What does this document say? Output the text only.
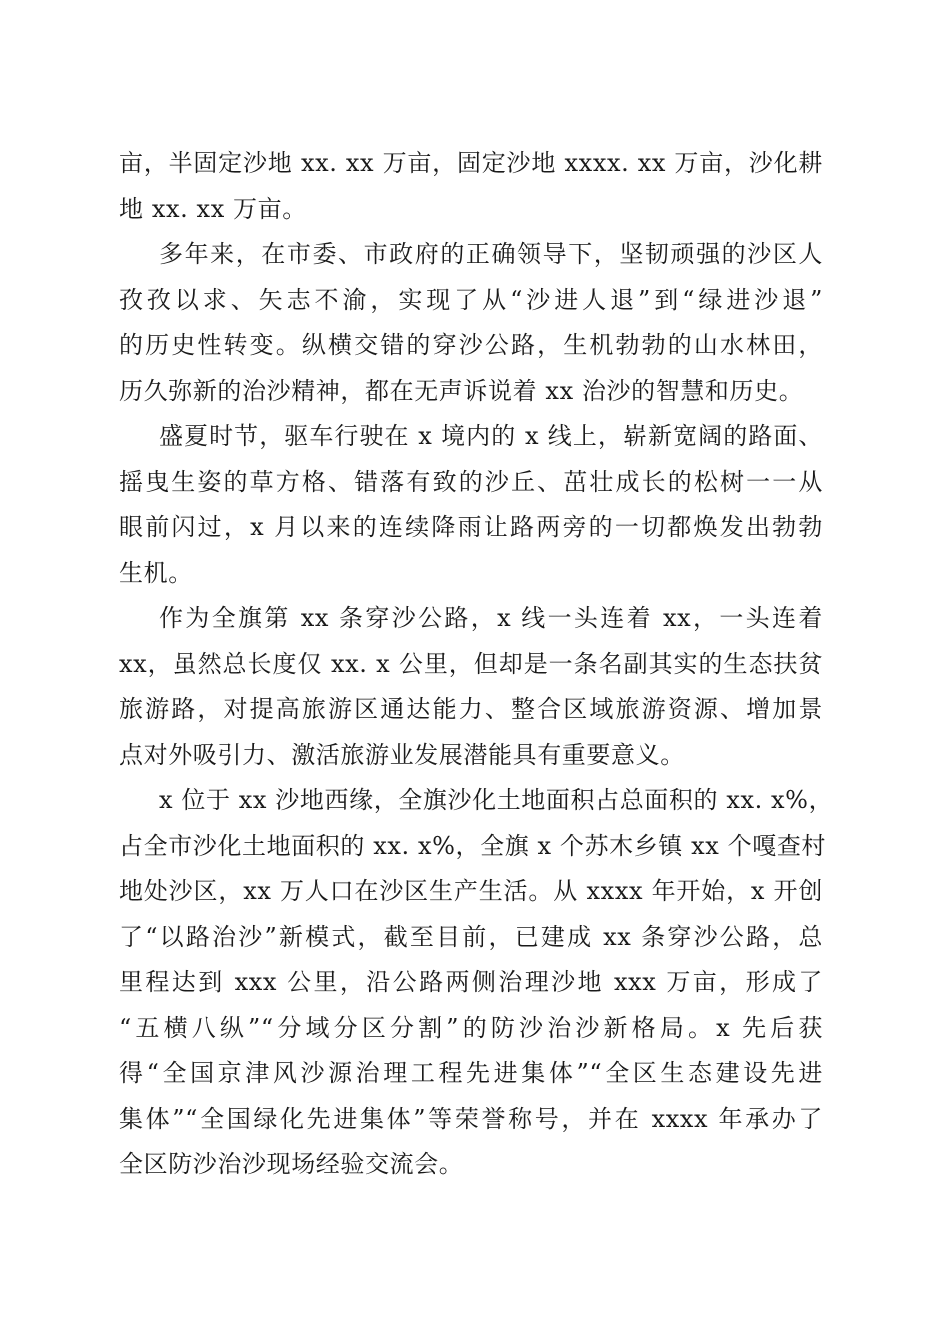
亩，半固定沙地 xx. xx 万亩，固定沙地 xxxx. xx 万亩，沙化耕
地 xx. xx 万亩。

多年来，在市委、市政府的正确领导下，坚韧顽强的沙区人
孜孜以求、矢志不渝，实现了从“沙进人退”到“绿进沙退”
的历史性转变。纵横交错的穿沙公路，生机勃勃的山水林田，
历久弥新的治沙精神，都在无声诉说着 xx 治沙的智慧和历史。

盛夏时节，驱车行驶在 x 境内的 x 线上，崭新宽阔的路面、
摇曳生姿的草方格、错落有致的沙丘、茁壮成长的松树一一从
眼前闪过，x 月以来的连续降雨让路两旁的一切都焕发出勃勃
生机。

作为全旗第 xx 条穿沙公路，x 线一头连着 xx，一头连着
xx，虽然总长度仅 xx. x 公里，但却是一条名副其实的生态扶贫
旅游路，对提高旅游区通达能力、整合区域旅游资源、增加景
点对外吸引力、激活旅游业发展潜能具有重要意义。

x 位于 xx 沙地西缘，全旗沙化土地面积占总面积的 xx. x%，
占全市沙化土地面积的 xx. x%，全旗 x 个苏木乡镇 xx 个嘎查村
地处沙区，xx 万人口在沙区生产生活。从 xxxx 年开始，x 开创
了“以路治沙”新模式，截至目前，已建成 xx 条穿沙公路，总
里程达到 xxx 公里，沿公路两侧治理沙地 xxx 万亩，形成了
“五横八纵”“分域分区分割”的防沙治沙新格局。x 先后获
得“全国京津风沙源治理工程先进集体”“全区生态建设先进
集体”“全国绿化先进集体”等荣誉称号，并在 xxxx 年承办了
全区防沙治沙现场经验交流会。
